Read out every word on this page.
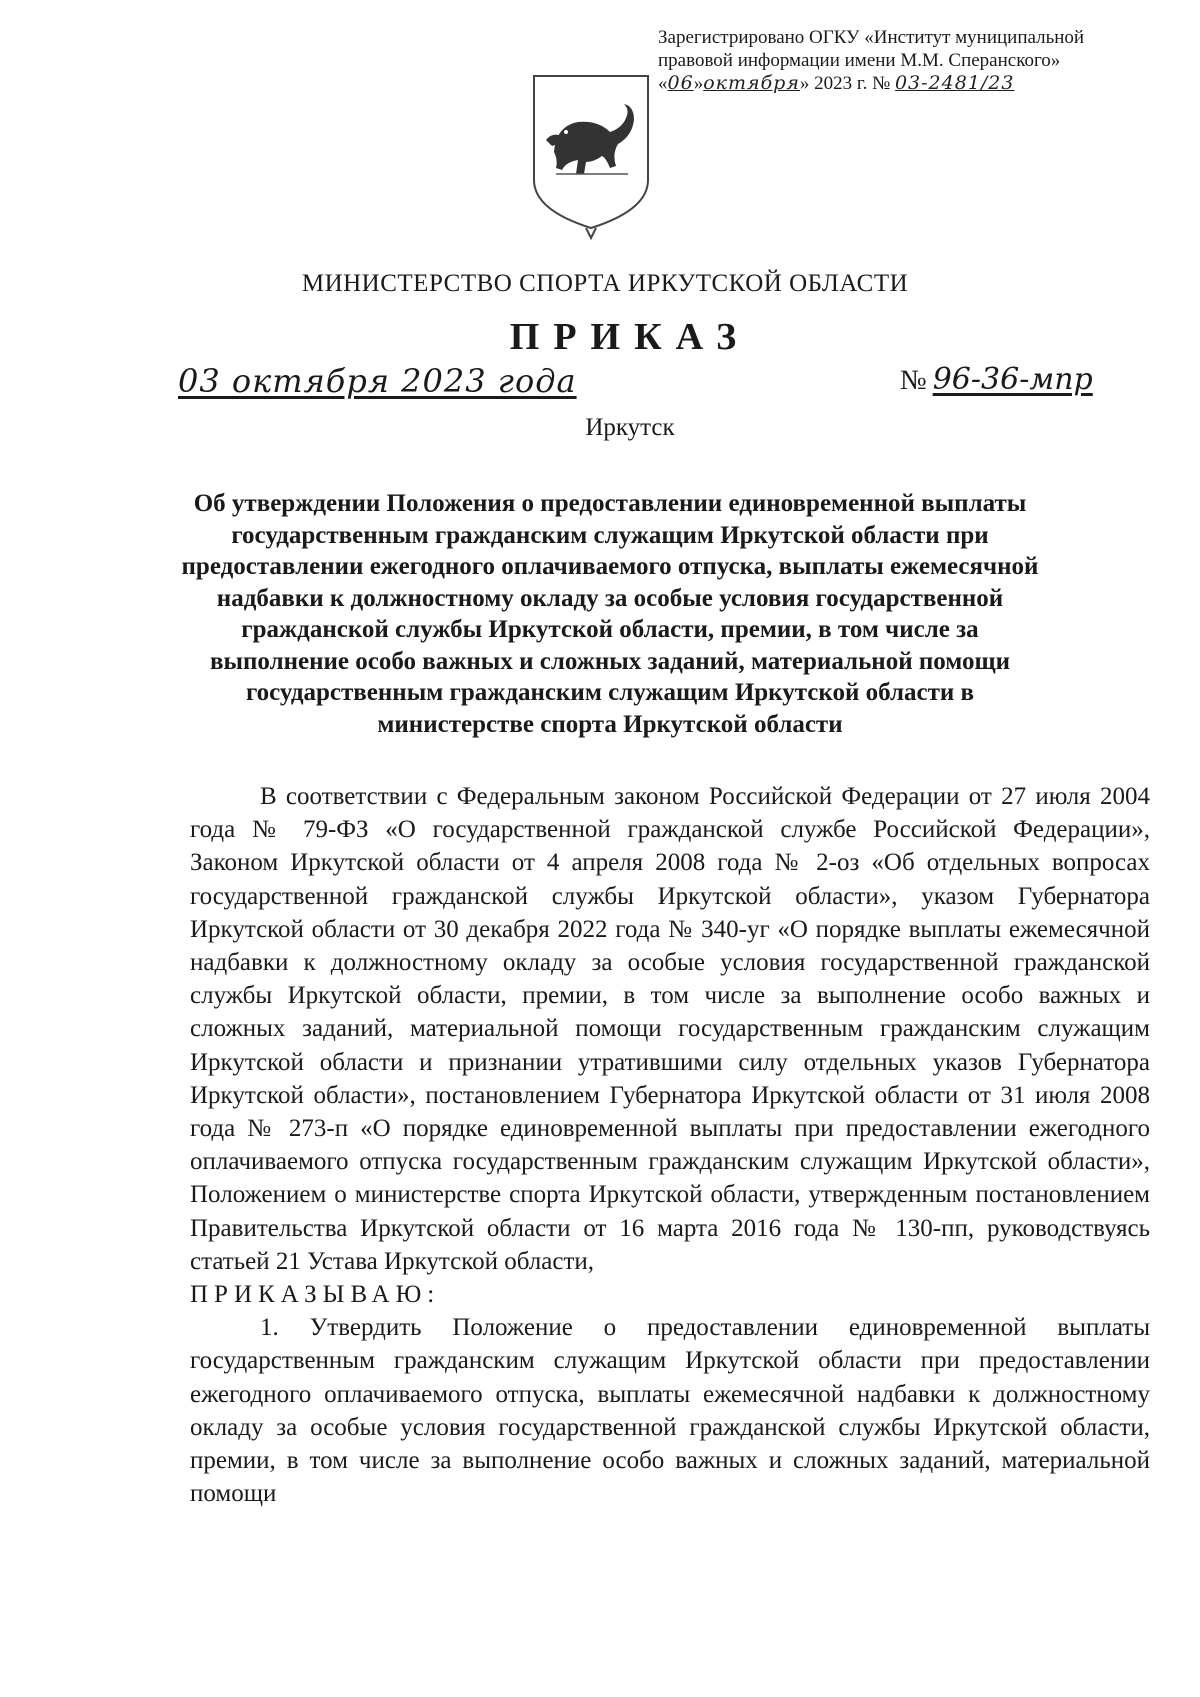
Зарегистрировано ОГКУ «Институт муниципальной
правовой информации имени М.М. Сперанского»
«06»октября» 2023 г. № 03-2481/23
МИНИСТЕРСТВО СПОРТА ИРКУТСКОЙ ОБЛАСТИ
ПРИКАЗ
03 октября 2023 года	№ 96-36-мпр
Иркутск
Об утверждении Положения о предоставлении единовременной выплаты государственным гражданским служащим Иркутской области при предоставлении ежегодного оплачиваемого отпуска, выплаты ежемесячной надбавки к должностному окладу за особые условия государственной гражданской службы Иркутской области, премии, в том числе за выполнение особо важных и сложных заданий, материальной помощи государственным гражданским служащим Иркутской области в министерстве спорта Иркутской области

В соответствии с Федеральным законом Российской Федерации от 27 июля 2004 года № 79-ФЗ «О государственной гражданской службе Российской Федерации», Законом Иркутской области от 4 апреля 2008 года № 2-оз «Об отдельных вопросах государственной гражданской службы Иркутской области», указом Губернатора Иркутской области от 30 декабря 2022 года № 340-уг «О порядке выплаты ежемесячной надбавки к должностному окладу за особые условия государственной гражданской службы Иркутской области, премии, в том числе за выполнение особо важных и сложных заданий, материальной помощи государственным гражданским служащим Иркутской области и признании утратившими силу отдельных указов Губернатора Иркутской области», постановлением Губернатора Иркутской области от 31 июля 2008 года № 273-п «О порядке единовременной выплаты при предоставлении ежегодного оплачиваемого отпуска государственным гражданским служащим Иркутской области», Положением о министерстве спорта Иркутской области, утвержденным постановлением Правительства Иркутской области от 16 марта 2016 года № 130-пп, руководствуясь статьей 21 Устава Иркутской области,

ПРИКАЗЫВАЮ:

1. Утвердить Положение о предоставлении единовременной выплаты государственным гражданским служащим Иркутской области при предоставлении ежегодного оплачиваемого отпуска, выплаты ежемесячной надбавки к должностному окладу за особые условия государственной гражданской службы Иркутской области, премии, в том числе за выполнение особо важных и сложных заданий, материальной помощи
